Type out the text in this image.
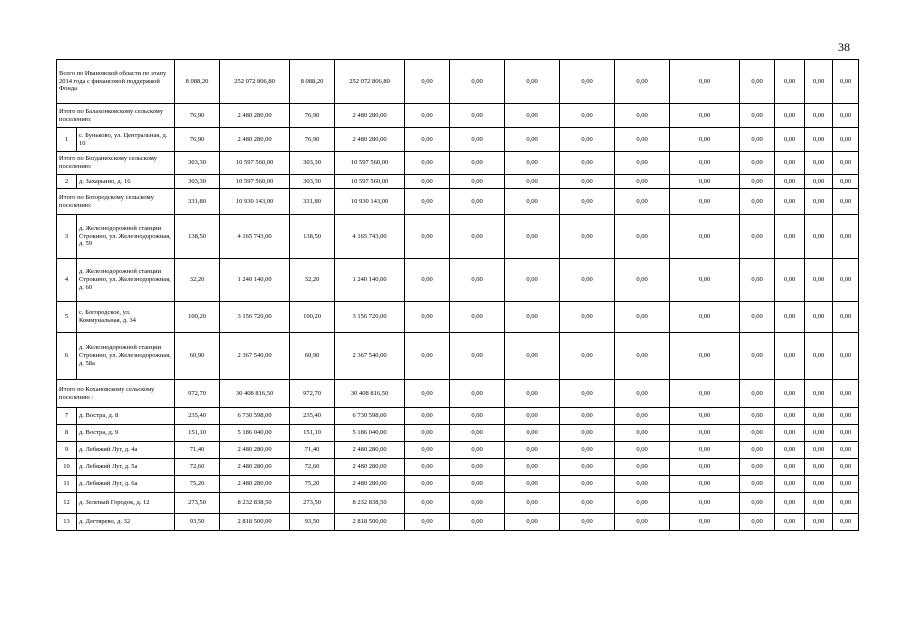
38
Всего по Ивановской области по этапу 2014 года с финансовой поддержкой Фонда		8 088,20	252 072 806,80	8 088,20	252 072 806,80	0,00	0,00	0,00	0,00	0,00	0,00	0,00	0,00	0,00	0,00
Итого по Балахонковскому сельскому поселению:		76,90	2 480 280,00	76,90	2 480 280,00	0,00	0,00	0,00	0,00	0,00	0,00	0,00	0,00	0,00	0,00
1	с. Буньково, ул. Центральная, д. 10	76,90	2 480 280,00	76,90	2 480 280,00	0,00	0,00	0,00	0,00	0,00	0,00	0,00	0,00	0,00	0,00
Итого по Богданихскому сельскому поселению:		303,30	10 597 560,00	303,30	10 597 560,00	0,00	0,00	0,00	0,00	0,00	0,00	0,00	0,00	0,00	0,00
2	д. Захарьино, д. 16	303,30	10 597 560,00	303,30	10 597 560,00	0,00	0,00	0,00	0,00	0,00	0,00	0,00	0,00	0,00	0,00
Итого по Богородскому сельскому поселению:		331,80	10 930 143,00	331,80	10 930 143,00	0,00	0,00	0,00	0,00	0,00	0,00	0,00	0,00	0,00	0,00
3	д. Железнодорожной станции Строкино, ул. Железнодорожная, д. 59	138,50	4 165 743,00	138,50	4 165 743,00	0,00	0,00	0,00	0,00	0,00	0,00	0,00	0,00	0,00	0,00
4	д. Железнодорожной станции Строкино, ул. Железнодорожная, д. 60	32,20	1 240 140,00	32,20	1 240 140,00	0,00	0,00	0,00	0,00	0,00	0,00	0,00	0,00	0,00	0,00
5	с. Богородское, ул. Коммунальная, д. 34	100,20	3 156 720,00	100,20	3 156 720,00	0,00	0,00	0,00	0,00	0,00	0,00	0,00	0,00	0,00	0,00
6	д. Железнодорожной станции Строкино, ул. Железнодорожная, д. 58а	60,90	2 367 540,00	60,90	2 367 540,00	0,00	0,00	0,00	0,00	0,00	0,00	0,00	0,00	0,00	0,00
Итого по Кохановскому сельскому поселению :		972,70	30 408 816,50	972,70	30 408 816,50	0,00	0,00	0,00	0,00	0,00	0,00	0,00	0,00	0,00	0,00
7	д. Востра, д. 8	235,40	6 730 598,00	235,40	6 730 598,00	0,00	0,00	0,00	0,00	0,00	0,00	0,00	0,00	0,00	0,00
8	д. Востра, д. 9	151,10	5 186 040,00	151,10	5 186 040,00	0,00	0,00	0,00	0,00	0,00	0,00	0,00	0,00	0,00	0,00
9	д. Лебяжий Луг, д. 4а	71,40	2 480 280,00	71,40	2 480 280,00	0,00	0,00	0,00	0,00	0,00	0,00	0,00	0,00	0,00	0,00
10	д. Лебяжий Луг, д. 5а	72,60	2 480 280,00	72,60	2 480 280,00	0,00	0,00	0,00	0,00	0,00	0,00	0,00	0,00	0,00	0,00
11	д. Лебяжий Луг, д. 6а	75,20	2 480 280,00	75,20	2 480 280,00	0,00	0,00	0,00	0,00	0,00	0,00	0,00	0,00	0,00	0,00
12	д. Зеленый Городок, д. 12	273,50	8 232 838,50	273,50	8 232 838,50	0,00	0,00	0,00	0,00	0,00	0,00	0,00	0,00	0,00	0,00
13	д. Дегтярево, д. 32	93,50	2 818 500,00	93,50	2 818 500,00	0,00	0,00	0,00	0,00	0,00	0,00	0,00	0,00	0,00	0,00
